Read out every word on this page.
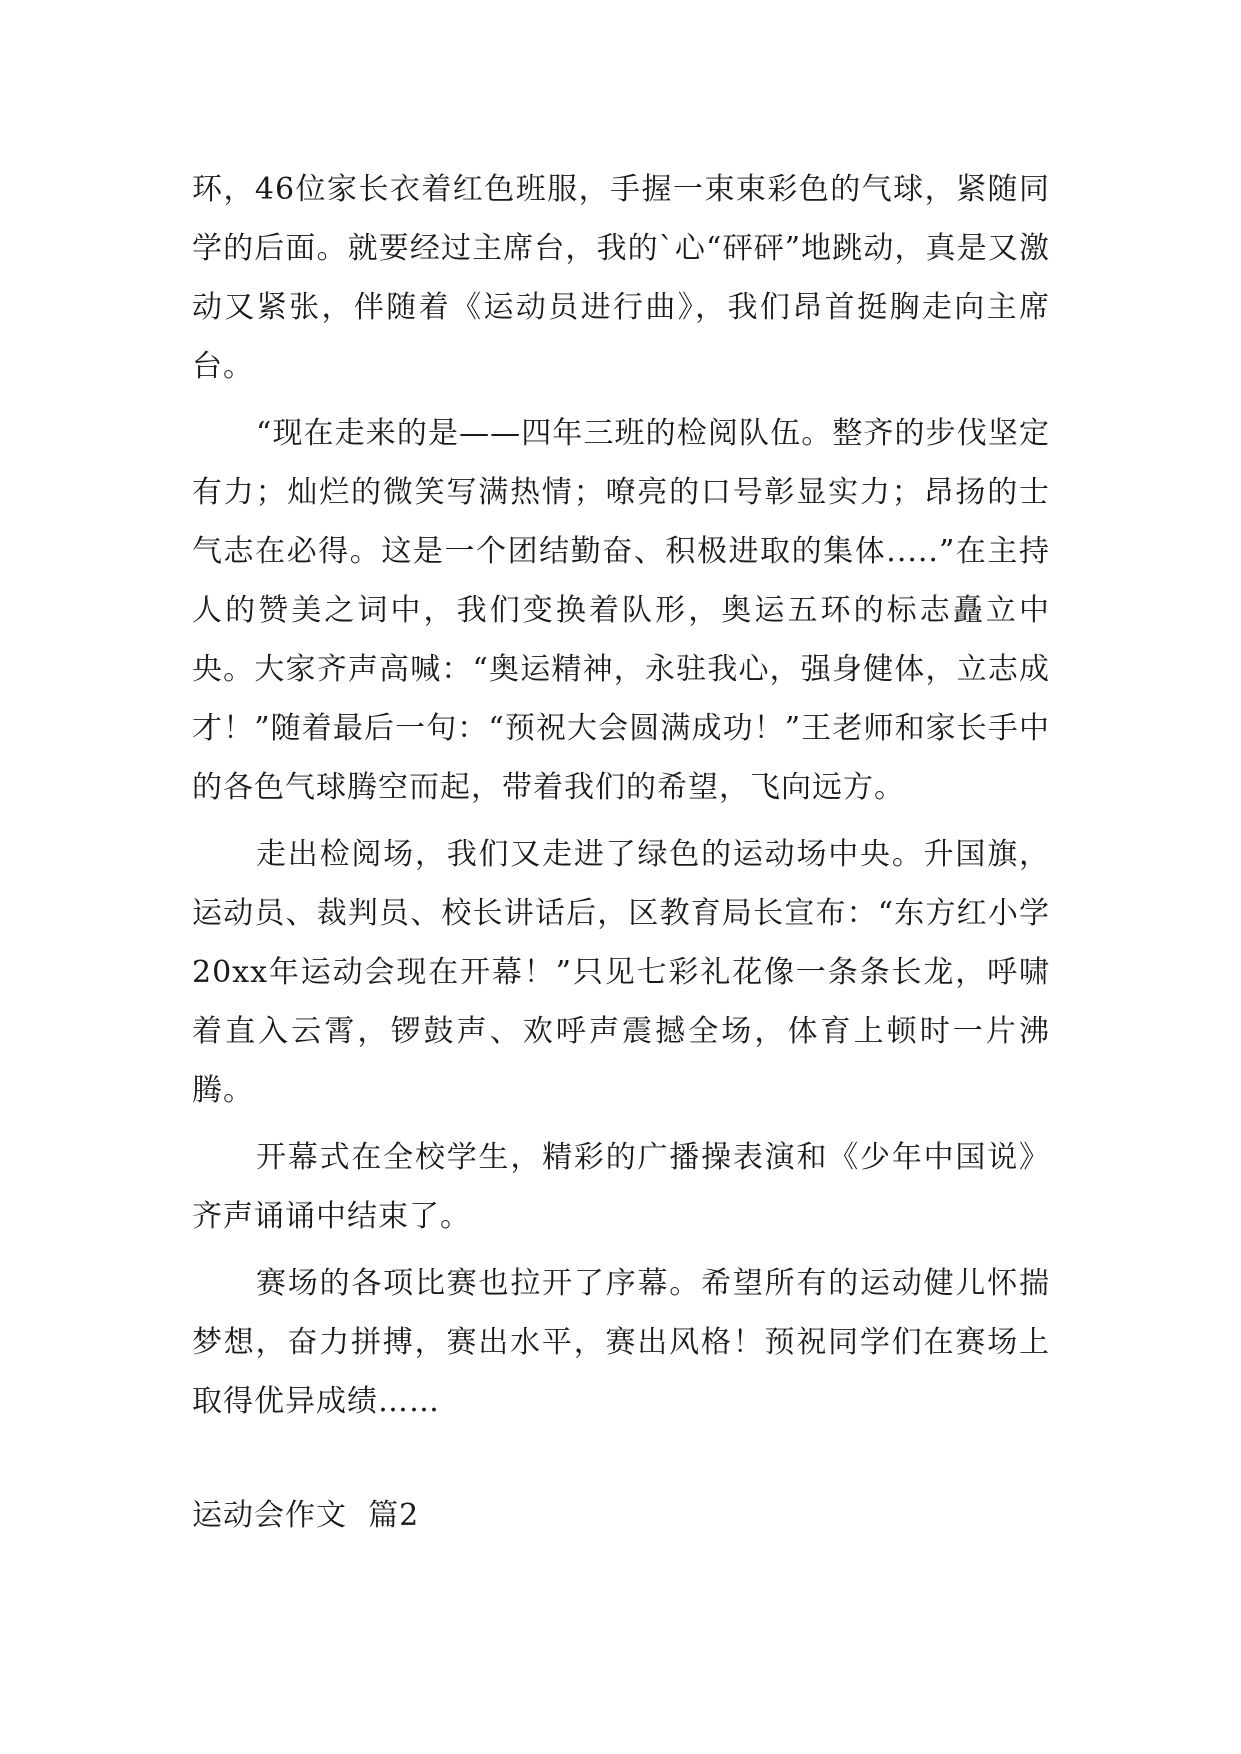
环，46位家长衣着红色班服，手握一束束彩色的气球，紧随同学的后面。就要经过主席台，我的`心“砰砰”地跳动，真是又激动又紧张，伴随着《运动员进行曲》，我们昂首挺胸走向主席台。

“现在走来的是——四年三班的检阅队伍。整齐的步伐坚定有力；灿烂的微笑写满热情；嘹亮的口号彰显实力；昂扬的士气志在必得。这是一个团结勤奋、积极进取的集体.....”在主持人的赞美之词中，我们变换着队形，奥运五环的标志矗立中央。大家齐声高喊：“奥运精神，永驻我心，强身健体，立志成才！”随着最后一句：“预祝大会圆满成功！”王老师和家长手中的各色气球腾空而起，带着我们的希望，飞向远方。

走出检阅场，我们又走进了绿色的运动场中央。升国旗，运动员、裁判员、校长讲话后，区教育局长宣布：“东方红小学20xx年运动会现在开幕！”只见七彩礼花像一条条长龙，呼啸着直入云霄，锣鼓声、欢呼声震撼全场，体育上顿时一片沸腾。

开幕式在全校学生，精彩的广播操表演和《少年中国说》齐声诵诵中结束了。

赛场的各项比赛也拉开了序幕。希望所有的运动健儿怀揣梦想，奋力拼搏，赛出水平，赛出风格！预祝同学们在赛场上取得优异成绩……

运动会作文  篇2
